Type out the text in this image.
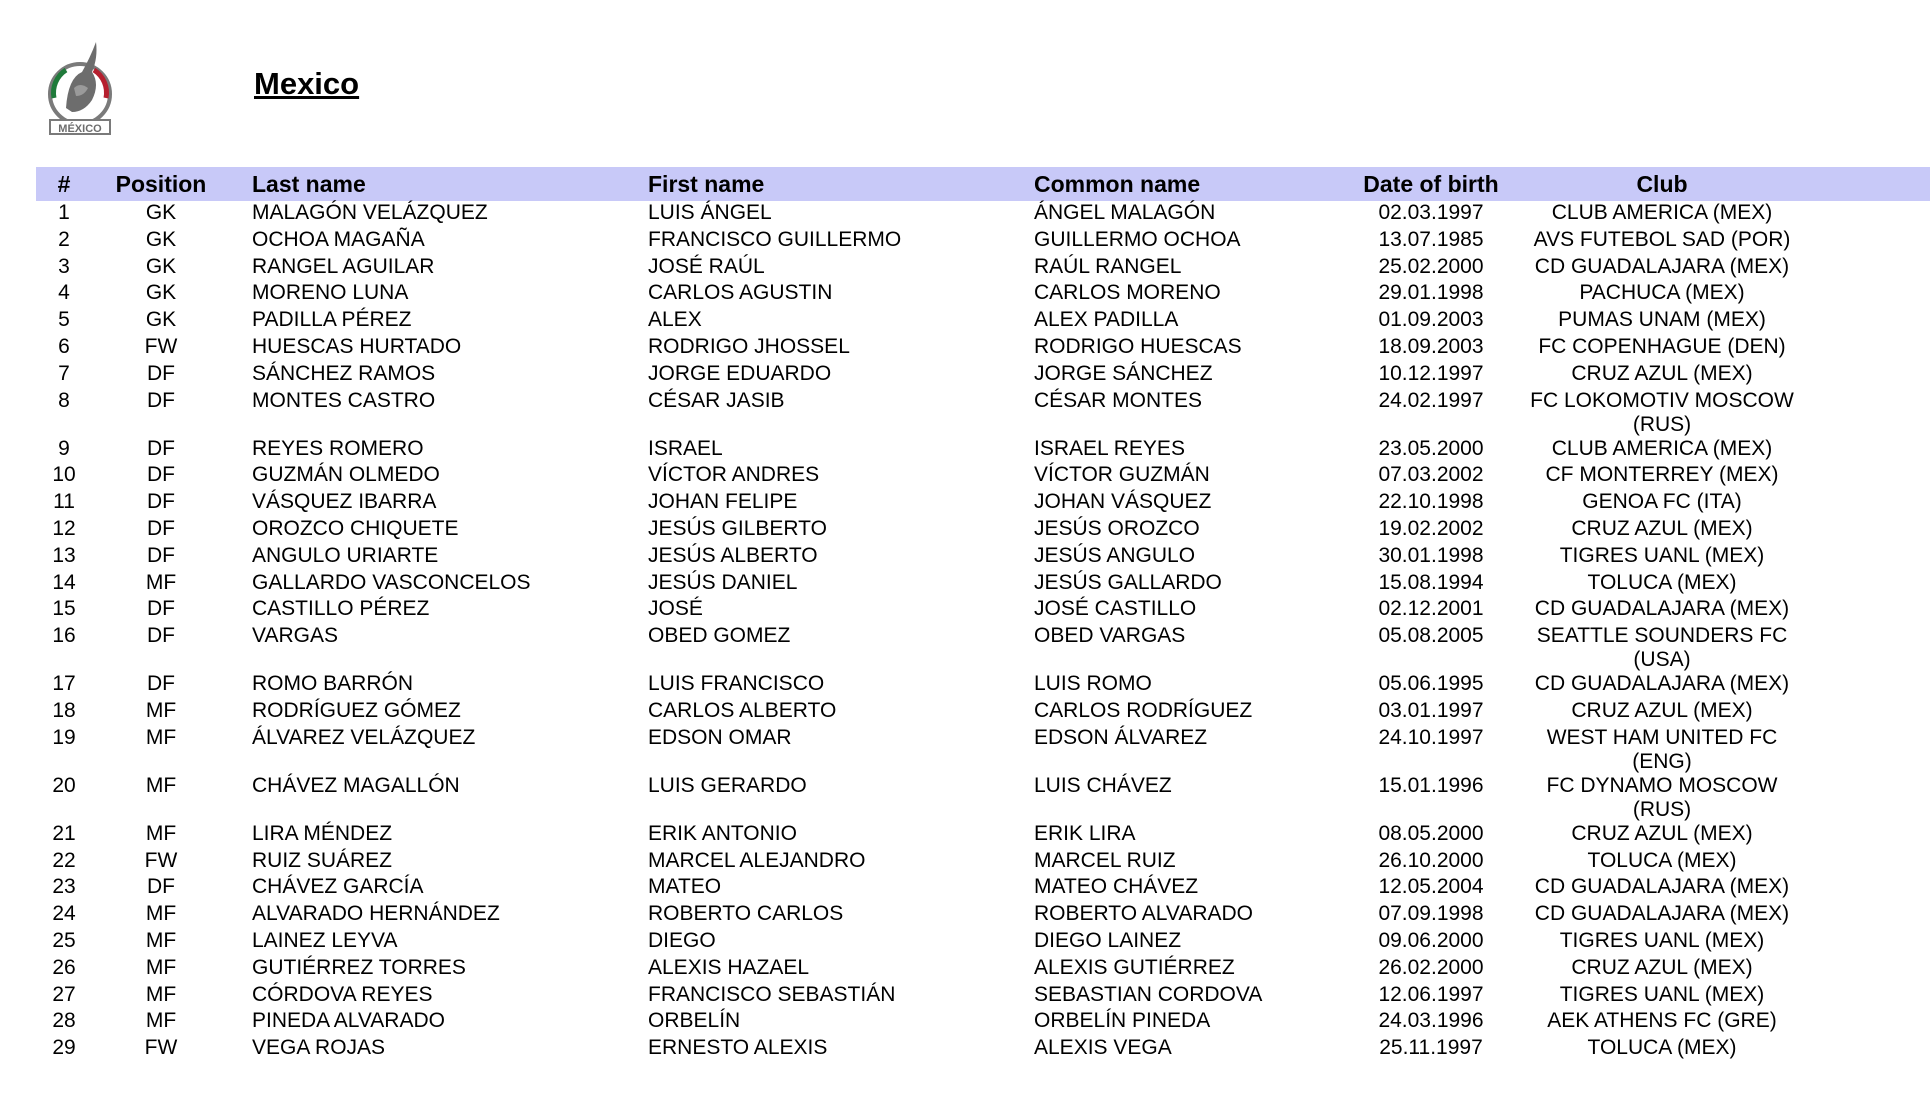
MÉXICO
Mexico
#	Position	Last name	First name	Common name	Date of birth	Club	
1	GK	MALAGÓN VELÁZQUEZ	LUIS ÁNGEL	ÁNGEL MALAGÓN	02.03.1997	CLUB AMERICA (MEX)	
2	GK	OCHOA MAGAÑA	FRANCISCO GUILLERMO	GUILLERMO OCHOA	13.07.1985	AVS FUTEBOL SAD (POR)	
3	GK	RANGEL AGUILAR	JOSÉ RAÚL	RAÚL RANGEL	25.02.2000	CD GUADALAJARA (MEX)	
4	GK	MORENO LUNA	CARLOS AGUSTIN	CARLOS MORENO	29.01.1998	PACHUCA (MEX)	
5	GK	PADILLA PÉREZ	ALEX	ALEX PADILLA	01.09.2003	PUMAS UNAM (MEX)	
6	FW	HUESCAS HURTADO	RODRIGO JHOSSEL	RODRIGO HUESCAS	18.09.2003	FC COPENHAGUE (DEN)	
7	DF	SÁNCHEZ RAMOS	JORGE EDUARDO	JORGE SÁNCHEZ	10.12.1997	CRUZ AZUL (MEX)	
8	DF	MONTES CASTRO	CÉSAR JASIB	CÉSAR MONTES	24.02.1997	FC LOKOMOTIV MOSCOW (RUS)	
9	DF	REYES ROMERO	ISRAEL	ISRAEL REYES	23.05.2000	CLUB AMERICA (MEX)	
10	DF	GUZMÁN OLMEDO	VÍCTOR ANDRES	VÍCTOR GUZMÁN	07.03.2002	CF MONTERREY (MEX)	
11	DF	VÁSQUEZ IBARRA	JOHAN FELIPE	JOHAN VÁSQUEZ	22.10.1998	GENOA FC (ITA)	
12	DF	OROZCO CHIQUETE	JESÚS GILBERTO	JESÚS OROZCO	19.02.2002	CRUZ AZUL (MEX)	
13	DF	ANGULO URIARTE	JESÚS ALBERTO	JESÚS ANGULO	30.01.1998	TIGRES UANL (MEX)	
14	MF	GALLARDO VASCONCELOS	JESÚS DANIEL	JESÚS GALLARDO	15.08.1994	TOLUCA (MEX)	
15	DF	CASTILLO PÉREZ	JOSÉ	JOSÉ CASTILLO	02.12.2001	CD GUADALAJARA (MEX)	
16	DF	VARGAS	OBED GOMEZ	OBED VARGAS	05.08.2005	SEATTLE SOUNDERS FC (USA)	
17	DF	ROMO BARRÓN	LUIS FRANCISCO	LUIS ROMO	05.06.1995	CD GUADALAJARA (MEX)	
18	MF	RODRÍGUEZ GÓMEZ	CARLOS ALBERTO	CARLOS RODRÍGUEZ	03.01.1997	CRUZ AZUL (MEX)	
19	MF	ÁLVAREZ VELÁZQUEZ	EDSON OMAR	EDSON ÁLVAREZ	24.10.1997	WEST HAM UNITED FC (ENG)	
20	MF	CHÁVEZ MAGALLÓN	LUIS GERARDO	LUIS CHÁVEZ	15.01.1996	FC DYNAMO MOSCOW (RUS)	
21	MF	LIRA MÉNDEZ	ERIK ANTONIO	ERIK LIRA	08.05.2000	CRUZ AZUL (MEX)	
22	FW	RUIZ SUÁREZ	MARCEL ALEJANDRO	MARCEL RUIZ	26.10.2000	TOLUCA (MEX)	
23	DF	CHÁVEZ GARCÍA	MATEO	MATEO CHÁVEZ	12.05.2004	CD GUADALAJARA (MEX)	
24	MF	ALVARADO HERNÁNDEZ	ROBERTO CARLOS	ROBERTO ALVARADO	07.09.1998	CD GUADALAJARA (MEX)	
25	MF	LAINEZ LEYVA	DIEGO	DIEGO LAINEZ	09.06.2000	TIGRES UANL (MEX)	
26	MF	GUTIÉRREZ TORRES	ALEXIS HAZAEL	ALEXIS GUTIÉRREZ	26.02.2000	CRUZ AZUL (MEX)	
27	MF	CÓRDOVA REYES	FRANCISCO SEBASTIÁN	SEBASTIAN CORDOVA	12.06.1997	TIGRES UANL (MEX)	
28	MF	PINEDA ALVARADO	ORBELÍN	ORBELÍN PINEDA	24.03.1996	AEK ATHENS FC (GRE)	
29	FW	VEGA ROJAS	ERNESTO ALEXIS	ALEXIS VEGA	25.11.1997	TOLUCA (MEX)	
